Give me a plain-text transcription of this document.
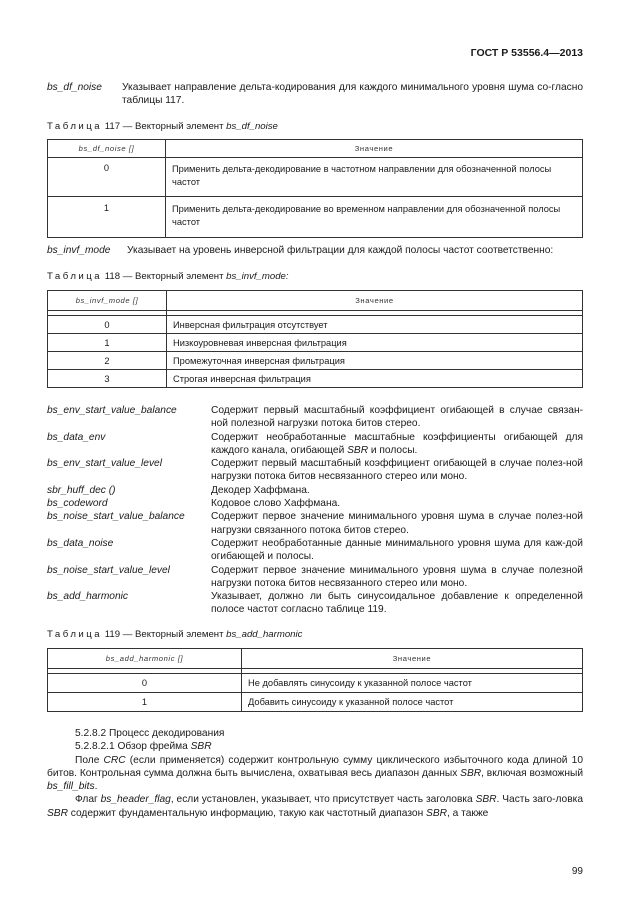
ГОСТ Р 53556.4—2013
bs_df_noise Указывает направление дельта-кодирования для каждого минимального уровня шума со-гласно таблицы 117.
Таблица 117 — Векторный элемент bs_df_noise
bs_df_noise []	Значение
0	Применить дельта-декодирование в частотном направлении для обозначенной полосы частот
1	Применить дельта-декодирование во временном направлении для обозначенной полосы частот
bs_invf_mode Указывает на уровень инверсной фильтрации для каждой полосы частот соответственно:
Таблица 118 — Векторный элемент bs_invf_mode:
bs_invf_mode []	Значение

0	Инверсная фильтрация отсутствует
1	Низкоуровневая инверсная фильтрация
2	Промежуточная инверсная фильтрация
3	Строгая инверсная фильтрация
bs_env_start_value_balance	Содержит первый масштабный коэффициент огибающей в случае связан-ной полезной нагрузки потока битов стерео.
bs_data_env	Содержит необработанные масштабные коэффициенты огибающей для каждого канала, огибающей SBR и полосы.
bs_env_start_value_level	Содержит первый масштабный коэффициент огибающей в случае полез-ной нагрузки потока битов несвязанного стерео или моно.
sbr_huff_dec ()	Декодер Хаффмана.
bs_codeword	Кодовое слово Хаффмана.
bs_noise_start_value_balance	Содержит первое значение минимального уровня шума в случае полез-ной нагрузки связанного потока битов стерео.
bs_data_noise	Содержит необработанные данные минимального уровня шума для каж-дой огибающей и полосы.
bs_noise_start_value_level	Содержит первое значение минимального уровня шума в случае полезной нагрузки потока битов несвязанного стерео или моно.
bs_add_harmonic	Указывает, должно ли быть синусоидальное добавление к определенной полосе частот согласно таблице 119.
Таблица 119 — Векторный элемент bs_add_harmonic
bs_add_harmonic []	Значение

0	Не добавлять синусоиду к указанной полосе частот
1	Добавить синусоиду к указанной полосе частот
5.2.8.2 Процесс декодирования
5.2.8.2.1 Обзор фрейма SBR
Поле CRC (если применяется) содержит контрольную сумму циклического избыточного кода длиной 10 битов. Контрольная сумма должна быть вычислена, охватывая весь диапазон данных SBR, включая возможный bs_fill_bits.
Флаг bs_header_flag, если установлен, указывает, что присутствует часть заголовка SBR. Часть заго-ловка SBR содержит фундаментальную информацию, такую как частотный диапазон SBR, а также
99
